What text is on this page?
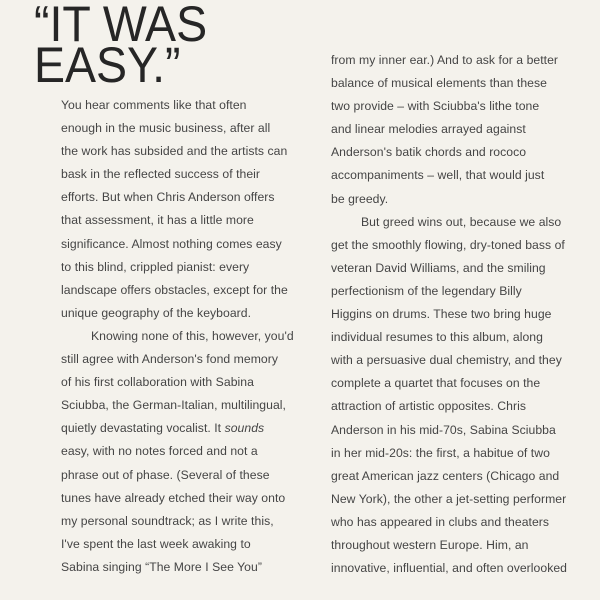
“IT WAS
EASY.”
You hear comments like that often
enough in the music business, after all
the work has subsided and the artists can
bask in the reflected success of their
efforts. But when Chris Anderson offers
that assessment, it has a little more
significance. Almost nothing comes easy
to this blind, crippled pianist: every
landscape offers obstacles, except for the
unique geography of the keyboard.
Knowing none of this, however, you'd
still agree with Anderson's fond memory
of his first collaboration with Sabina
Sciubba, the German-Italian, multilingual,
quietly devastating vocalist. It sounds
easy, with no notes forced and not a
phrase out of phase. (Several of these
tunes have already etched their way onto
my personal soundtrack; as I write this,
I've spent the last week awaking to
Sabina singing “The More I See You”
from my inner ear.) And to ask for a better
balance of musical elements than these
two provide – with Sciubba's lithe tone
and linear melodies arrayed against
Anderson's batik chords and rococo
accompaniments – well, that would just
be greedy.
But greed wins out, because we also
get the smoothly flowing, dry-toned bass of
veteran David Williams, and the smiling
perfectionism of the legendary Billy
Higgins on drums. These two bring huge
individual resumes to this album, along
with a persuasive dual chemistry, and they
complete a quartet that focuses on the
attraction of artistic opposites. Chris
Anderson in his mid-70s, Sabina Sciubba
in her mid-20s: the first, a habitue of two
great American jazz centers (Chicago and
New York), the other a jet-setting performer
who has appeared in clubs and theaters
throughout western Europe. Him, an
innovative, influential, and often overlooked
